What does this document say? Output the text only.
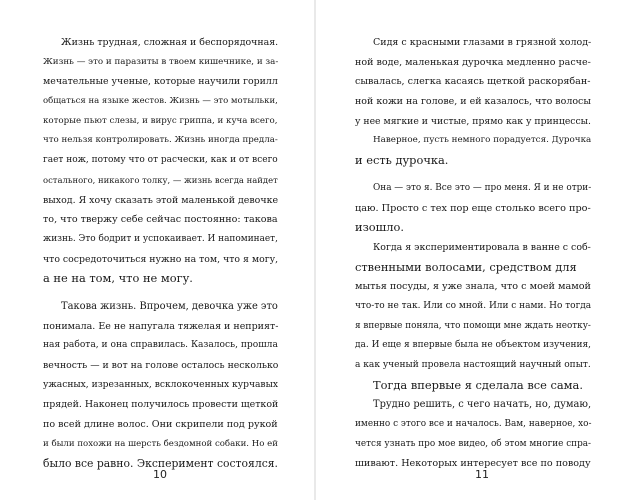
Жизнь трудная, сложная и беспорядочная.
Жизнь — это и паразиты в твоем кишечнике, и за-
мечательные ученые, которые научили горилл
общаться на языке жестов. Жизнь — это мотыльки,
которые пьют слезы, и вирус гриппа, и куча всего,
что нельзя контролировать. Жизнь иногда предла-
гает нож, потому что от расчески, как и от всего
остального, никакого толку, — жизнь всегда найдет
выход. Я хочу сказать этой маленькой девочке
то, что твержу себе сейчас постоянно: такова
жизнь. Это бодрит и успокаивает. И напоминает,
что сосредоточиться нужно на том, что я могу,
а не на том, что не могу.
Такова жизнь. Впрочем, девочка уже это
понимала. Ее не напугала тяжелая и неприят-
ная работа, и она справилась. Казалось, прошла
вечность — и вот на голове осталось несколько
ужасных, изрезанных, всклокоченных курчавых
прядей. Наконец получилось провести щеткой
по всей длине волос. Они скрипели под рукой
и были похожи на шерсть бездомной собаки. Но ей
было все равно. Эксперимент состоялся.
10
Сидя с красными глазами в грязной холод-
ной воде, маленькая дурочка медленно расче-
сывалась, слегка касаясь щеткой раскорябан-
ной кожи на голове, и ей казалось, что волосы
у нее мягкие и чистые, прямо как у принцессы.
Наверное, пусть немного порадуется. Дурочка
и есть дурочка.
Она — это я. Все это — про меня. Я и не отри-
цаю. Просто с тех пор еще столько всего про-
изошло.
Когда я экспериментировала в ванне с соб-
ственными волосами, средством для
мытья посуды, я уже знала, что с моей мамой
что-то не так. Или со мной. Или с нами. Но тогда
я впервые поняла, что помощи мне ждать неотку-
да. И еще я впервые была не объектом изучения,
а как ученый провела настоящий научный опыт.
Тогда впервые я сделала все сама.
Трудно решить, с чего начать, но, думаю,
именно с этого все и началось. Вам, наверное, хо-
чется узнать про мое видео, об этом многие спра-
шивают. Некоторых интересует все по поводу
11
